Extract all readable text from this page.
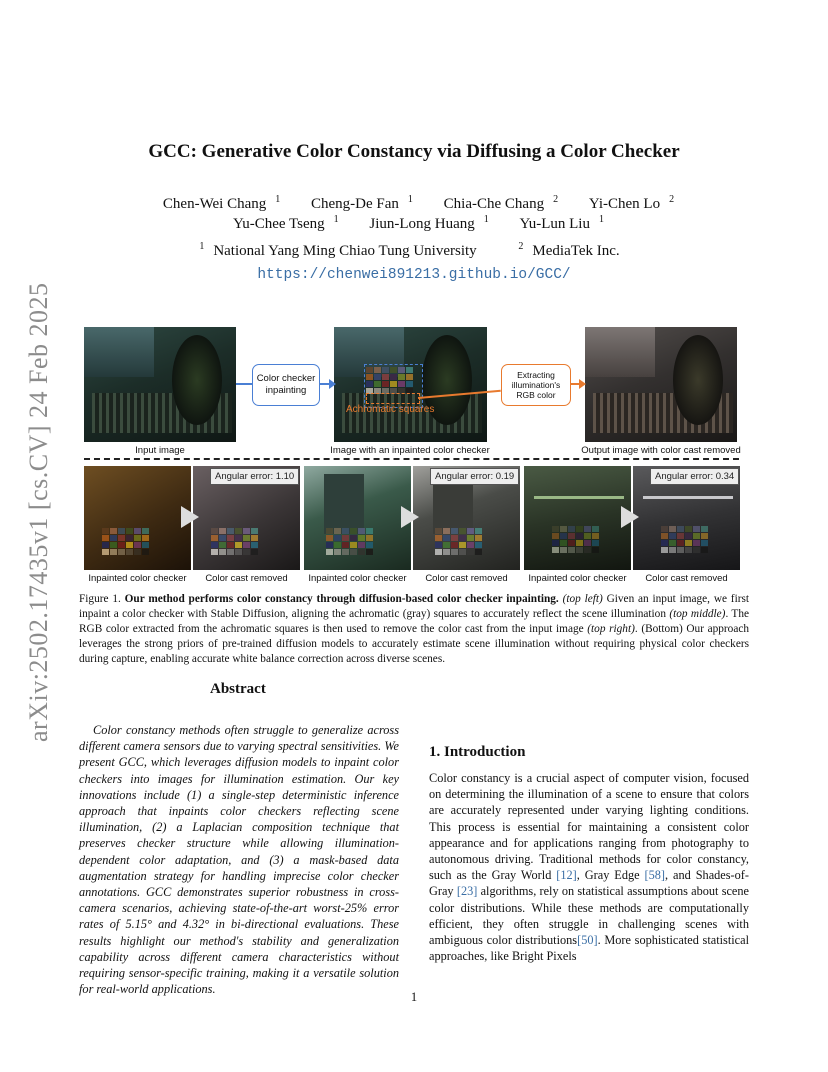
arXiv:2502.17435v1 [cs.CV] 24 Feb 2025
GCC: Generative Color Constancy via Diffusing a Color Checker
Chen-Wei Chang $^1$ Cheng-De Fan $^1$ Chia-Che Chang $^2$ Yi-Chen Lo $^2$
Yu-Chee Tseng $^1$ Jiun-Long Huang $^1$ Yu-Lun Liu $^1$
$^1$ National Yang Ming Chiao Tung University	$^2$ MediaTek Inc.
https://chenwei891213.github.io/GCC/
Achromatic squares
Color checker inpainting
Extracting illumination's RGB color
Input image	Image with an inpainted color checker	Output image with color cast removed
Angular error: 1.10	Angular error: 0.19	Angular error: 0.34
Inpainted color checker	Color cast removed	Inpainted color checker	Color cast removed	Inpainted color checker	Color cast removed
Figure 1. Our method performs color constancy through diffusion-based color checker inpainting. (top left) Given an input image, we first inpaint a color checker with Stable Diffusion, aligning the achromatic (gray) squares to accurately reflect the scene illumination (top middle). The RGB color extracted from the achromatic squares is then used to remove the color cast from the input image (top right). (Bottom) Our approach leverages the strong priors of pre-trained diffusion models to accurately estimate scene illumination without requiring physical color checkers during capture, enabling accurate white balance correction across diverse scenes.
Abstract
Color constancy methods often struggle to generalize across different camera sensors due to varying spectral sensitivities. We present GCC, which leverages diffusion models to inpaint color checkers into images for illumination estimation. Our key innovations include (1) a single-step deterministic inference approach that inpaints color checkers reflecting scene illumination, (2) a Laplacian composition technique that preserves checker structure while allowing illumination-dependent color adaptation, and (3) a mask-based data augmentation strategy for handling imprecise color checker annotations. GCC demonstrates superior robustness in cross-camera scenarios, achieving state-of-the-art worst-25% error rates of 5.15° and 4.32° in bi-directional evaluations. These results highlight our method's stability and generalization capability across different camera characteristics without requiring sensor-specific training, making it a versatile solution for real-world applications.
1. Introduction
Color constancy is a crucial aspect of computer vision, focused on determining the illumination of a scene to ensure that colors are accurately represented under varying lighting conditions. This process is essential for maintaining a consistent color appearance and for applications ranging from photography to autonomous driving. Traditional methods for color constancy, such as the Gray World [12], Gray Edge [58], and Shades-of-Gray [23] algorithms, rely on statistical assumptions about scene color distributions. While these methods are computationally efficient, they often struggle in challenging scenes with ambiguous color distributions[50]. More sophisticated statistical approaches, like Bright Pixels
1
